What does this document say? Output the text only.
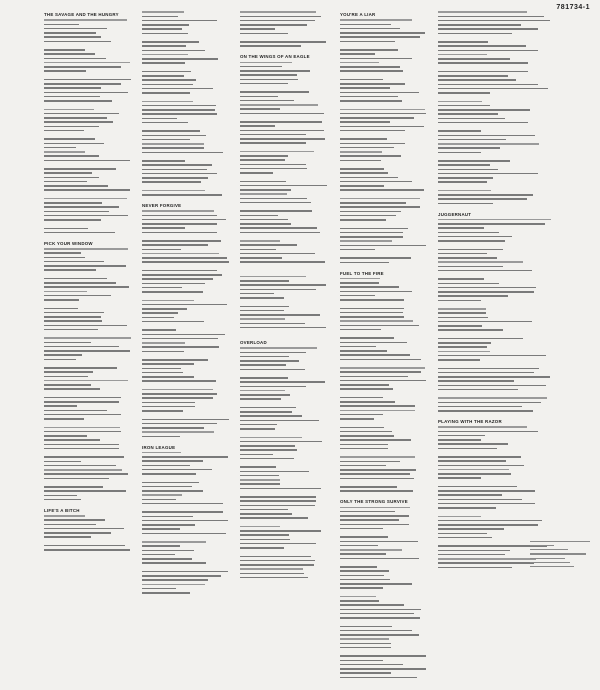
781734-1
THE SAVAGE AND THE HUNGRY
PICK YOUR WINDOW
LIFE'S A BITCH
NEVER FORGIVE
IRON LEAGUE
ON THE WINGS OF AN EAGLE
OVERLOAD
YOU'RE A LIAR
FUEL TO THE FIRE
ONLY THE STRONG SURVIVE
JUGGERNAUT
PLAYING WITH THE RAZOR
